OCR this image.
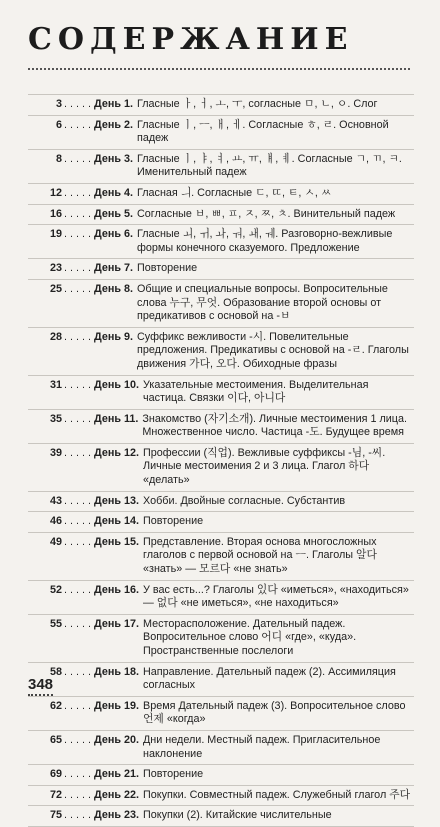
СОДЕРЖАНИЕ
3 . . . . . День 1. Гласные ㅏ, ㅓ, ㅗ, ㅜ, согласные ㅁ, ㄴ, ㅇ. Слог
6 . . . . . День 2. Гласные ㅣ, ㅡ, ㅐ, ㅔ. Согласные ㅎ, ㄹ. Основной падеж
8 . . . . . День 3. Гласные ㅣ, ㅑ, ㅕ, ㅛ, ㅠ, ㅒ, ㅖ. Согласные ㄱ, ㄲ, ㅋ. Именительный падеж
12 . . . . . День 4. Гласная ㅢ. Согласные ㄷ, ㄸ, ㅌ, ㅅ, ㅆ
16 . . . . . День 5. Согласные ㅂ, ㅃ, ㅍ, ㅈ, ㅉ, ㅊ. Винительный падеж
19 . . . . . День 6. Гласные ㅚ, ㅟ, ㅘ, ㅝ, ㅙ, ㅞ. Разговорно-вежливые формы конечного сказуемого. Предложение
23 . . . . . День 7. Повторение
25 . . . . . День 8. Общие и специальные вопросы. Вопросительные слова 누구, 무엇. Образование второй основы от предикативов с основой на -ㅂ
28 . . . . . День 9. Суффикс вежливости -시. Повелительные предложения. Предикативы с основой на -ㄹ. Глаголы движения 가다, 오다. Обиходные фразы
31 . . . . . День 10. Указательные местоимения. Выделительная частица. Связки 이다, 아니다
35 . . . . . День 11. Знакомство (자기소개). Личные местоимения 1 лица. Множественное число. Частица -도. Будущее время
39 . . . . . День 12. Профессии (직업). Вежливые суффиксы -님, -씨. Личные местоимения 2 и 3 лица. Глагол 하다 «делать»
43 . . . . . День 13. Хобби. Двойные согласные. Субстантив
46 . . . . . День 14. Повторение
49 . . . . . День 15. Представление. Вторая основа многосложных глаголов с первой основой на ㅡ. Глаголы 알다 «знать» — 모르다 «не знать»
52 . . . . . День 16. У вас есть...? Глаголы 있다 «иметься», «находиться» — 없다 «не иметься», «не находиться»
55 . . . . . День 17. Месторасположение. Дательный падеж. Вопросительное слово 어디 «где», «куда». Пространственные послелоги
58 . . . . . День 18. Направление. Дательный падеж (2). Ассимиляция согласных
62 . . . . . День 19. Время Дательный падеж (3). Вопросительное слово 언제 «когда»
65 . . . . . День 20. Дни недели. Местный падеж. Пригласительное наклонение
69 . . . . . День 21. Повторение
72 . . . . . День 22. Покупки. Совместный падеж. Служебный глагол 주다
75 . . . . . День 23. Покупки (2). Китайские числительные
348
